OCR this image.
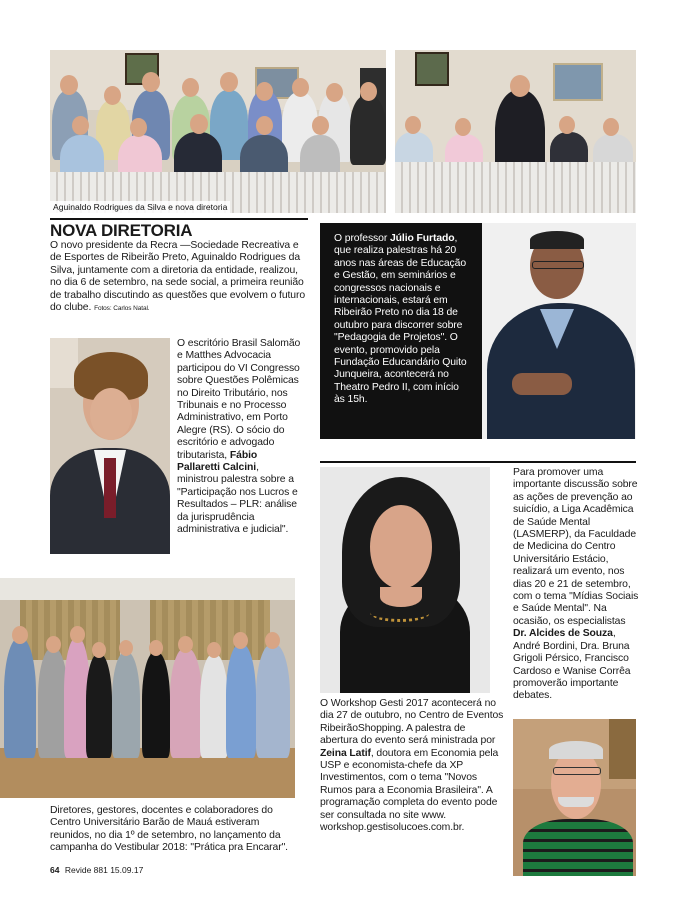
Aguinaldo Rodrigues da Silva e nova diretoria
NOVA DIRETORIA
O novo presidente da Recra —Sociedade Recreativa e de Esportes de Ribeirão Preto, Aguinaldo Rodrigues da Silva, juntamente com a diretoria da entidade, realizou, no dia 6 de setembro, na sede social, a primeira reunião de trabalho discutindo as questões que evolvem o futuro do clube. Fotos: Carlos Natal.
O professor Júlio Furtado, que realiza palestras há 20 anos nas áreas de Educação e Gestão, em seminários e congressos nacionais e internacionais, estará em Ribeirão Preto no dia 18 de outubro para discorrer sobre "Pedagogia de Projetos". O evento, promovido pela Fundação Educandário Quito Junqueira, acontecerá no Theatro Pedro II, com início às 15h.
O escritório Brasil Salomão e Matthes Advocacia participou do VI Congresso sobre Questões Polêmicas no Direito Tributário, nos Tribunais e no Processo Administrativo, em Porto Alegre (RS). O sócio do escritório e advogado tributarista, Fábio Pallaretti Calcini, ministrou palestra sobre a "Participação nos Lucros e Resultados – PLR: análise da jurisprudência administrativa e judicial".
Para promover uma importante discussão sobre as ações de prevenção ao suicídio, a Liga Acadêmica de Saúde Mental (LASMERP), da Faculdade de Medicina do Centro Universitário Estácio, realizará um evento, nos dias 20 e 21 de setembro, com o tema "Mídias Sociais e Saúde Mental". Na ocasião, os especialistas Dr. Alcides de Souza, André Bordini, Dra. Bruna Grigoli Pérsico, Francisco Cardoso e Wanise Corrêa promoverão importante debates.
O Workshop Gesti 2017 acontecerá no dia 27 de outubro, no Centro de Eventos RibeirãoShopping. A palestra de abertura do evento será ministrada por Zeina Latif, doutora em Economia pela USP e economista-chefe da XP Investimentos, com o tema "Novos Rumos para a Economia Brasileira". A programação completa do evento pode ser consultada no site www. workshop.gestisolucoes.com.br.
Diretores, gestores, docentes e colaboradores do Centro Universitário Barão de Mauá estiveram reunidos, no dia 1º de setembro, no lançamento da campanha do Vestibular 2018: "Prática pra Encarar".
64 Revide 881 15.09.17
